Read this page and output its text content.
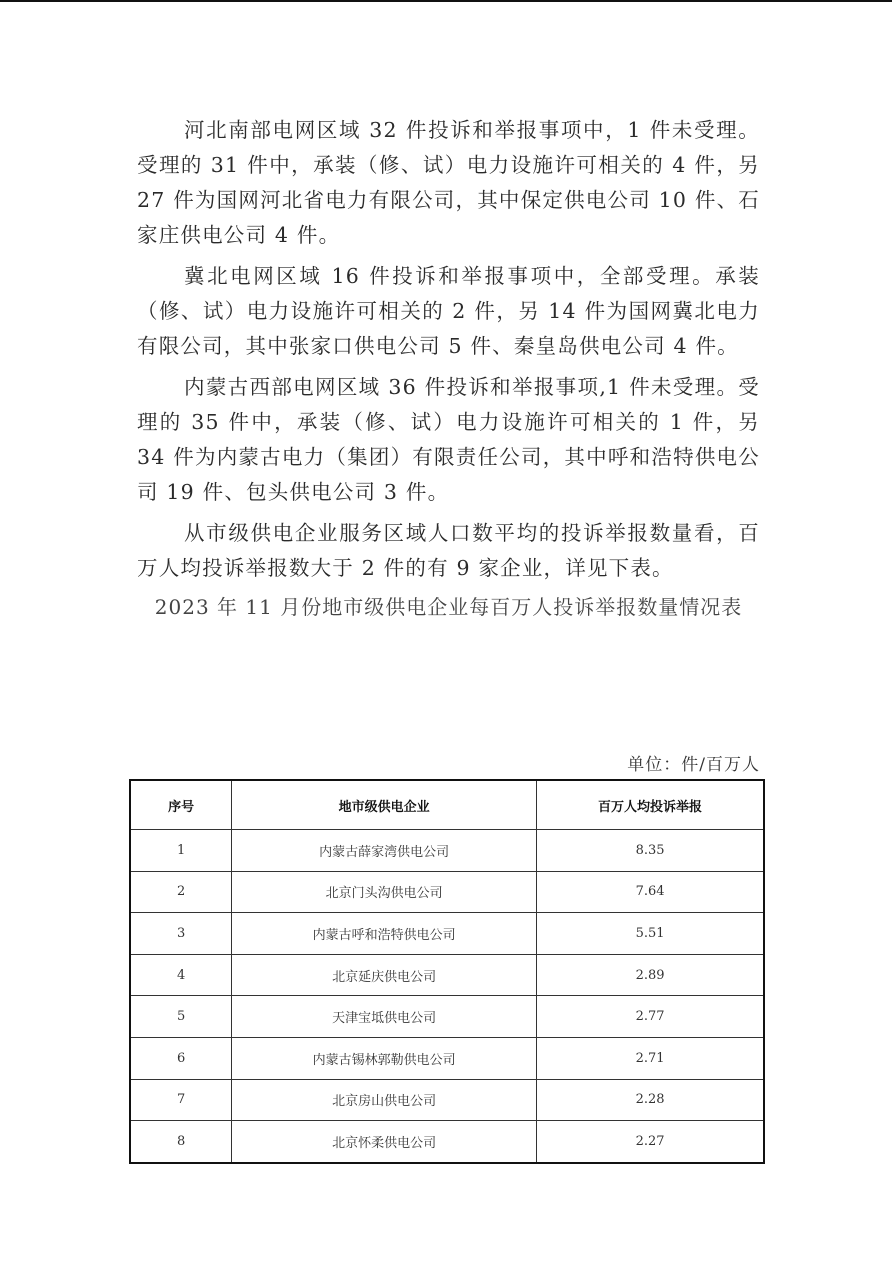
河北南部电网区域 32 件投诉和举报事项中，1 件未受理。受理的 31 件中，承装（修、试）电力设施许可相关的 4 件，另 27 件为国网河北省电力有限公司，其中保定供电公司 10 件、石家庄供电公司 4 件。

冀北电网区域 16 件投诉和举报事项中，全部受理。承装（修、试）电力设施许可相关的 2 件，另 14 件为国网冀北电力有限公司，其中张家口供电公司 5 件、秦皇岛供电公司 4 件。

内蒙古西部电网区域 36 件投诉和举报事项,1 件未受理。受理的 35 件中，承装（修、试）电力设施许可相关的 1 件，另 34 件为内蒙古电力（集团）有限责任公司，其中呼和浩特供电公司 19 件、包头供电公司 3 件。

从市级供电企业服务区域人口数平均的投诉举报数量看，百万人均投诉举报数大于 2 件的有 9 家企业，详见下表。

2023 年 11 月份地市级供电企业每百万人投诉举报数量情况表

单位：件/百万人
序号	地市级供电企业	百万人均投诉举报
1	内蒙古薛家湾供电公司	8.35
2	北京门头沟供电公司	7.64
3	内蒙古呼和浩特供电公司	5.51
4	北京延庆供电公司	2.89
5	天津宝坻供电公司	2.77
6	内蒙古锡林郭勒供电公司	2.71
7	北京房山供电公司	2.28
8	北京怀柔供电公司	2.27
